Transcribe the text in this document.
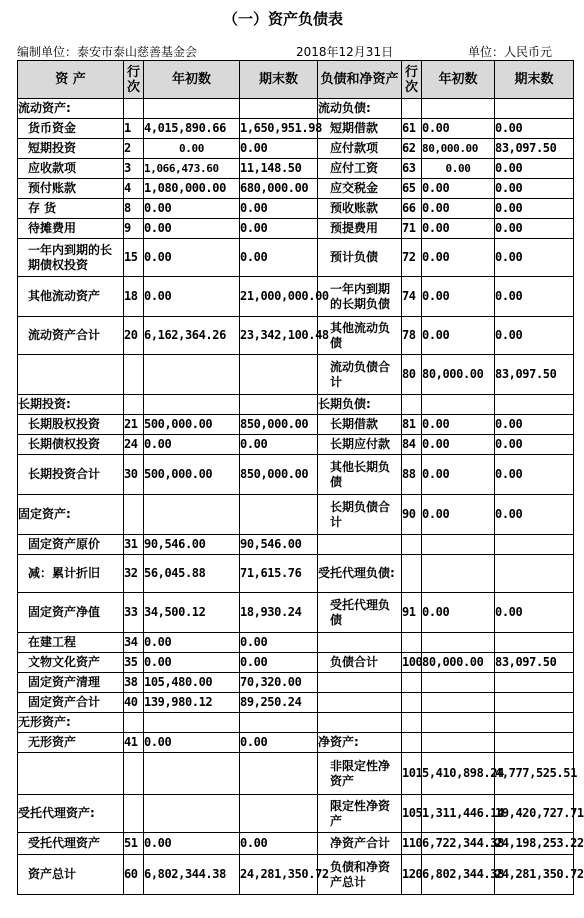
（一）资产负债表
编制单位：泰安市泰山慈善基金会	2018年12月31日	单位：人民币元
资 产	行次	年初数	期末数	负债和净资产	行次	年初数	期末数
流动资产:				流动负债:			
货币资金	1	4,015,890.66	1,650,951.98	短期借款	61	0.00	0.00
短期投资	2	0.00	0.00	应付款项	62	80,000.00	83,097.50
应收款项	3	1,066,473.60	11,148.50	应付工资	63	0.00	0.00
预付账款	4	1,080,000.00	680,000.00	应交税金	65	0.00	0.00
存 货	8	0.00	0.00	预收账款	66	0.00	0.00
待摊费用	9	0.00	0.00	预提费用	71	0.00	0.00
一年内到期的长期债权投资	15	0.00	0.00	预计负债	72	0.00	0.00
其他流动资产	18	0.00	21,000,000.00	一年内到期的长期负债	74	0.00	0.00
流动资产合计	20	6,162,364.26	23,342,100.48	其他流动负债	78	0.00	0.00
				流动负债合计	80	80,000.00	83,097.50
长期投资:				长期负债:			
长期股权投资	21	500,000.00	850,000.00	长期借款	81	0.00	0.00
长期债权投资	24	0.00	0.00	长期应付款	84	0.00	0.00
长期投资合计	30	500,000.00	850,000.00	其他长期负债	88	0.00	0.00
固定资产:				长期负债合计	90	0.00	0.00
固定资产原价	31	90,546.00	90,546.00				
减：累计折旧	32	56,045.88	71,615.76	受托代理负债:			
固定资产净值	33	34,500.12	18,930.24	受托代理负债	91	0.00	0.00
在建工程	34	0.00	0.00				
文物文化资产	35	0.00	0.00	负债合计	100	80,000.00	83,097.50
固定资产清理	38	105,480.00	70,320.00				
固定资产合计	40	139,980.12	89,250.24				
无形资产:							
无形资产	41	0.00	0.00	净资产:			
				非限定性净资产	101	5,410,898.24	4,777,525.51
受托代理资产:				限定性净资产	105	1,311,446.14	19,420,727.71
受托代理资产	51	0.00	0.00	净资产合计	110	6,722,344.38	24,198,253.22
资产总计	60	6,802,344.38	24,281,350.72	负债和净资产总计	120	6,802,344.38	24,281,350.72
